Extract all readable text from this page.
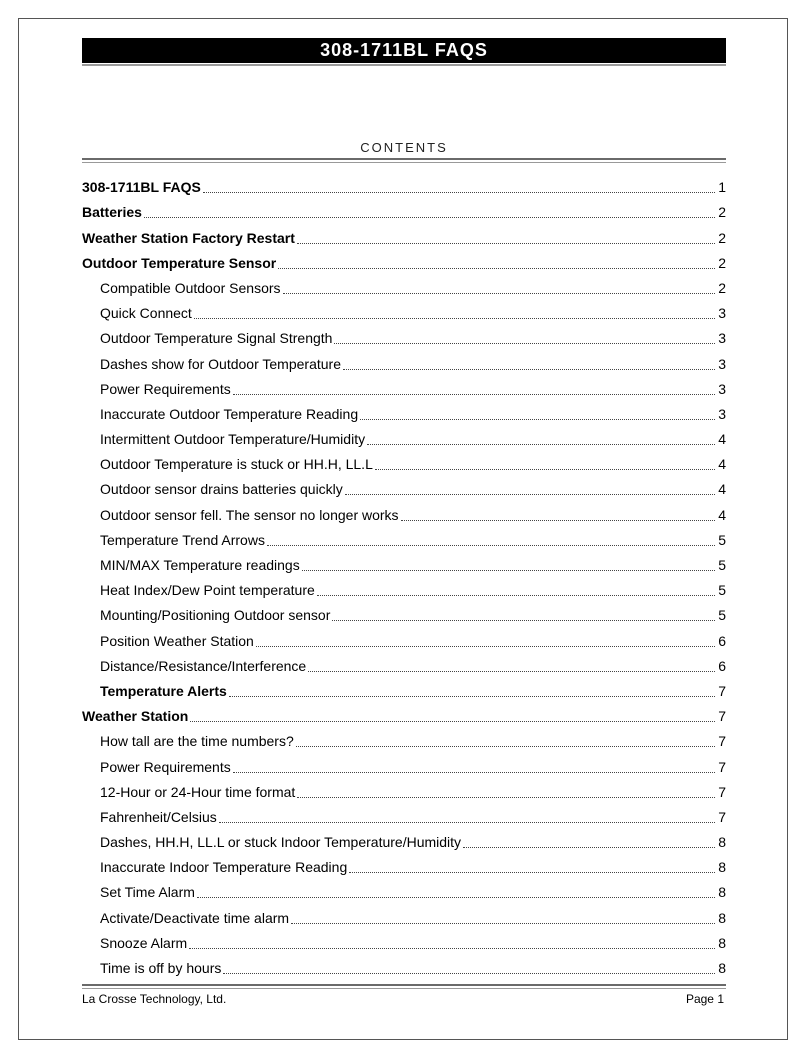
308-1711BL FAQS
CONTENTS
308-1711BL FAQS	1
Batteries	2
Weather Station Factory Restart	2
Outdoor Temperature Sensor	2
Compatible Outdoor Sensors	2
Quick Connect	3
Outdoor Temperature Signal Strength	3
Dashes show for Outdoor Temperature	3
Power Requirements	3
Inaccurate Outdoor Temperature Reading	3
Intermittent Outdoor Temperature/Humidity	4
Outdoor Temperature is stuck or HH.H, LL.L	4
Outdoor sensor drains batteries quickly	4
Outdoor sensor fell. The sensor no longer works	4
Temperature Trend Arrows	5
MIN/MAX Temperature readings	5
Heat Index/Dew Point temperature	5
Mounting/Positioning Outdoor sensor	5
Position Weather Station	6
Distance/Resistance/Interference	6
Temperature Alerts	7
Weather Station	7
How tall are the time numbers?	7
Power Requirements	7
12-Hour or 24-Hour time format	7
Fahrenheit/Celsius	7
Dashes, HH.H, LL.L or stuck Indoor Temperature/Humidity	8
Inaccurate Indoor Temperature Reading	8
Set Time Alarm	8
Activate/Deactivate time alarm	8
Snooze Alarm	8
Time is off by hours	8
La Crosse Technology, Ltd.	Page 1
